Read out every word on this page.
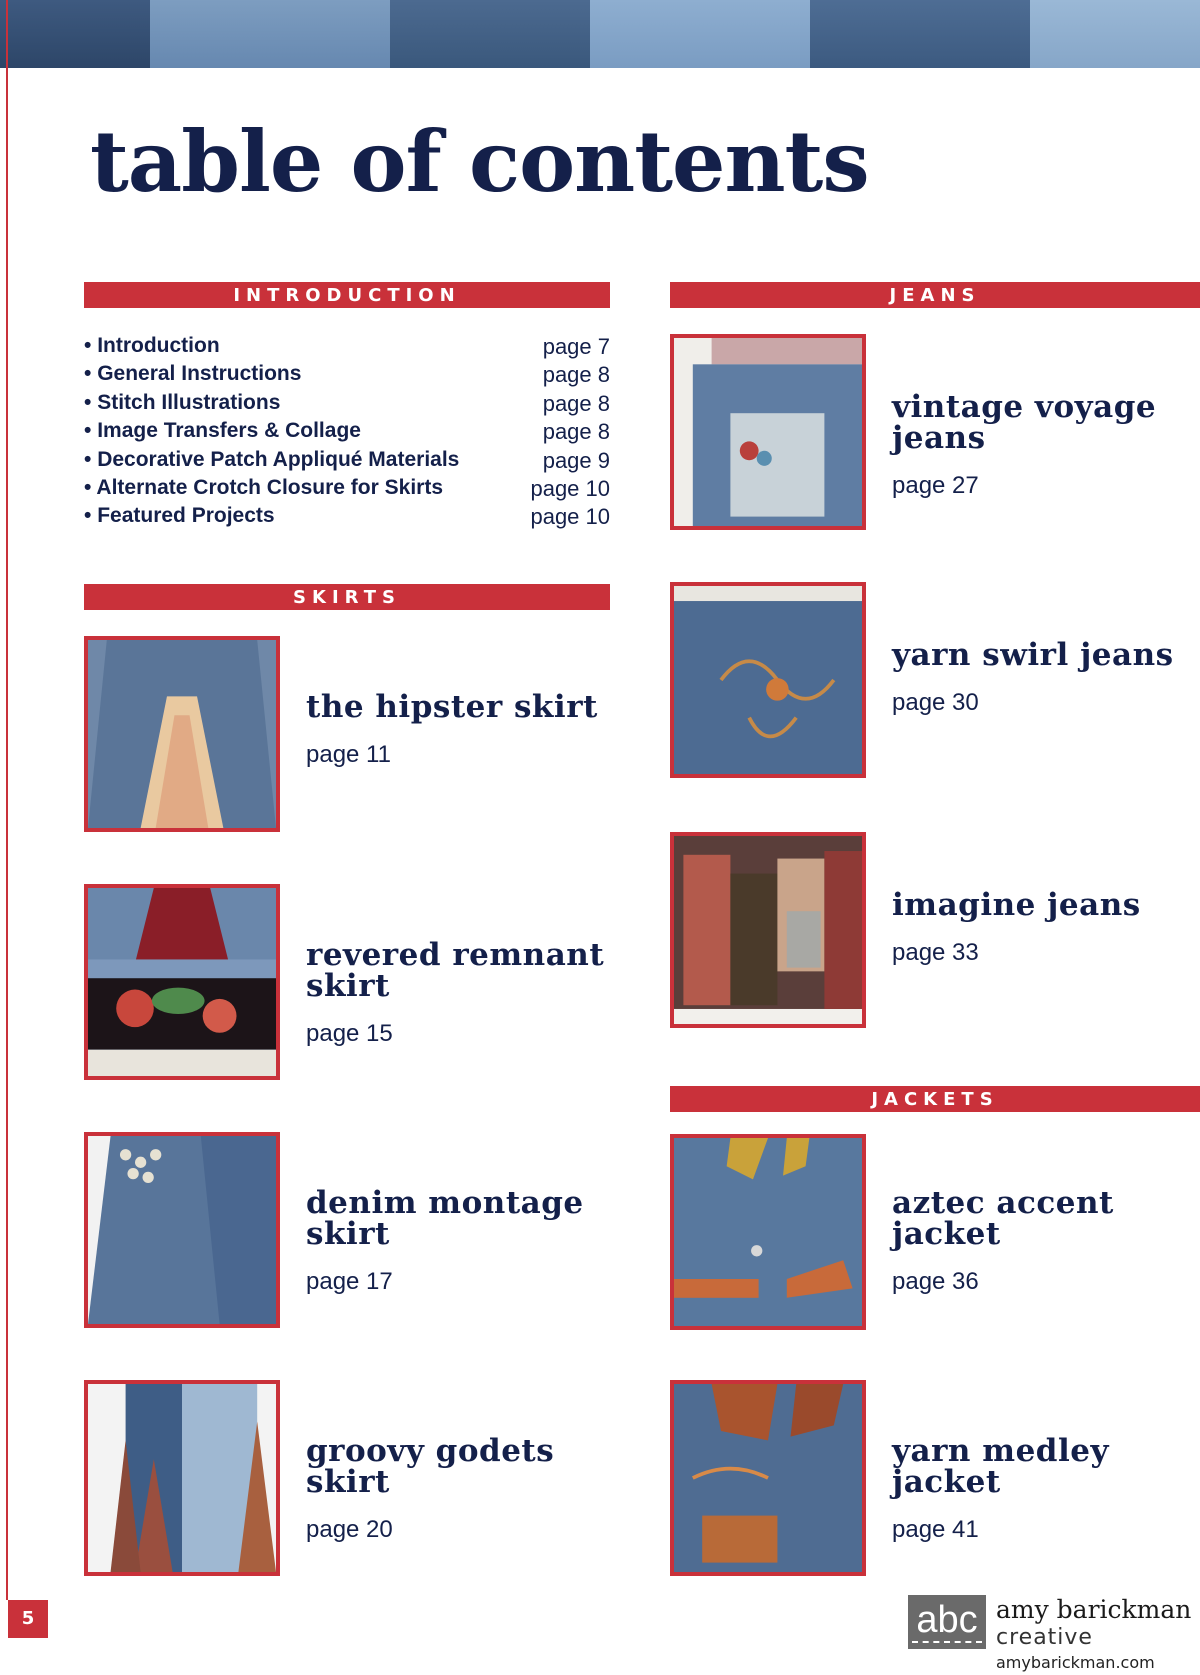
table of contents
INTRODUCTION
• Introduction	page 7
• General Instructions	page 8
• Stitch Illustrations	page 8
• Image Transfers & Collage	page 8
• Decorative Patch Appliqué Materials	page 9
• Alternate Crotch Closure for Skirts	page 10
• Featured Projects	page 10
SKIRTS
the hipster skirt
page 11
revered remnant
skirt
page 15
denim montage
skirt
page 17
groovy godets
skirt
page 20
JEANS
vintage voyage
jeans
page 27
yarn swirl jeans
page 30
imagine jeans
page 33
JACKETS
aztec accent
jacket
page 36
yarn medley
jacket
page 41
5	abc amy barickman
creative
amybarickman.com
